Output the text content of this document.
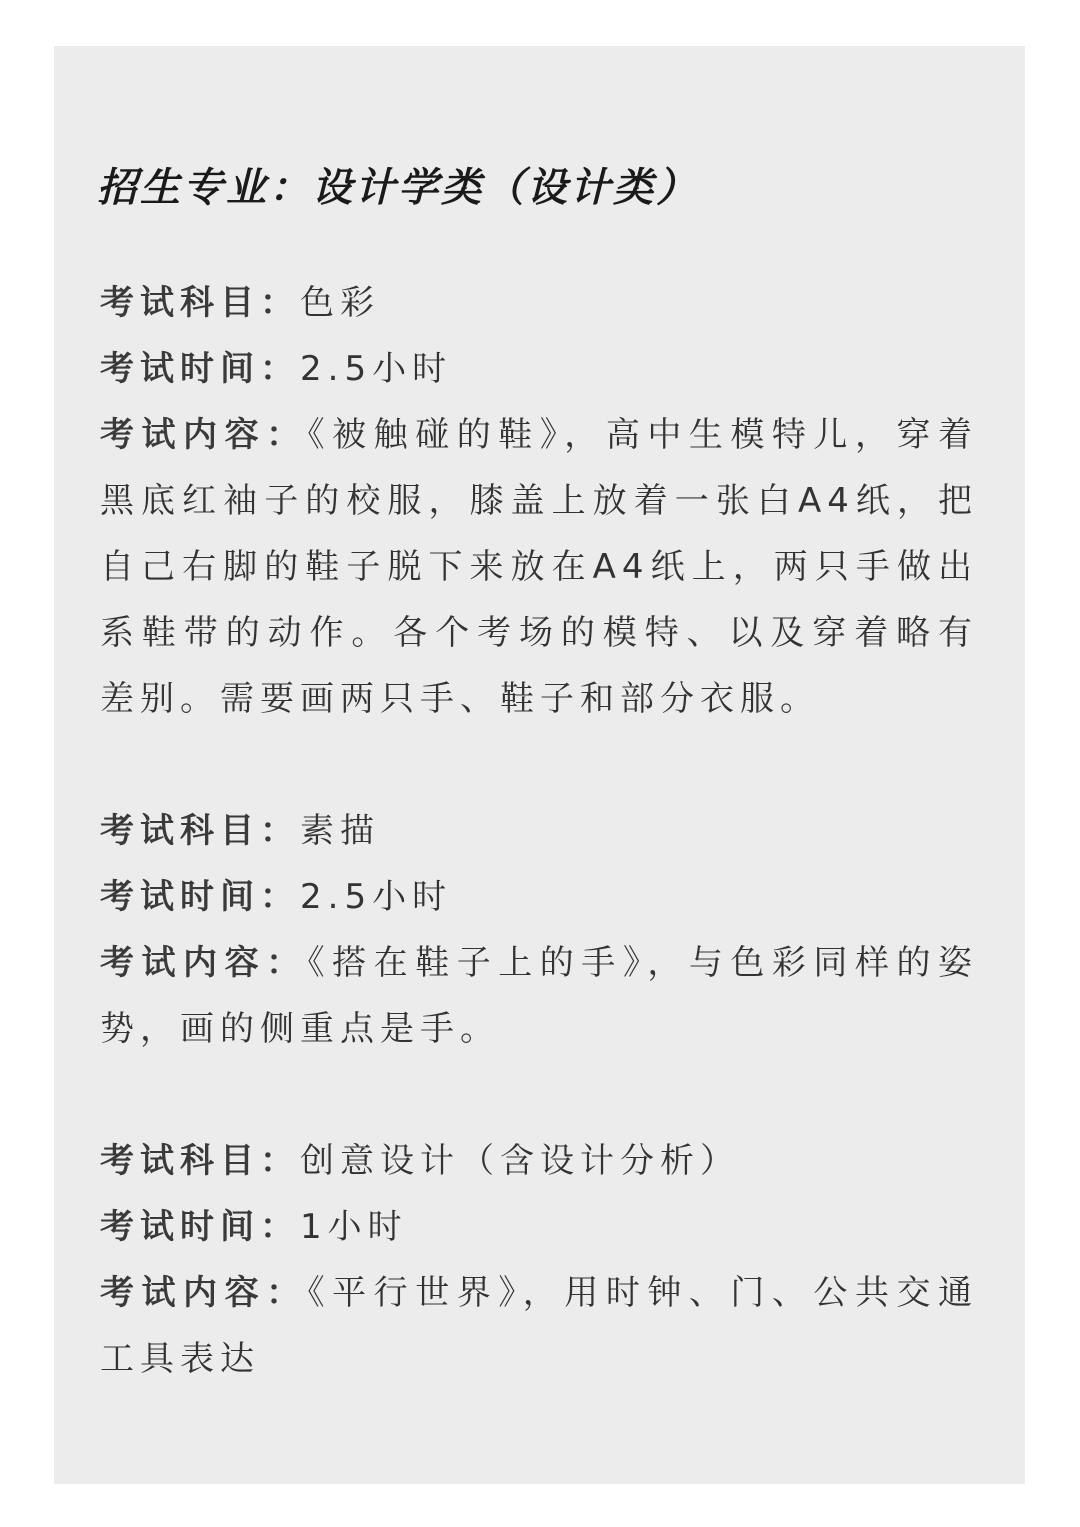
招生专业：设计学类（设计类）
考试科目：色彩
考试时间：2.5小时
考试内容：《被触碰的鞋》，高中生模特儿，穿着黑底红袖子的校服，膝盖上放着一张白A4纸，把自己右脚的鞋子脱下来放在A4纸上，两只手做出系鞋带的动作。各个考场的模特、以及穿着略有差别。需要画两只手、鞋子和部分衣服。
考试科目：素描
考试时间：2.5小时
考试内容：《搭在鞋子上的手》，与色彩同样的姿势，画的侧重点是手。
考试科目：创意设计（含设计分析）
考试时间：1小时
考试内容：《平行世界》，用时钟、门、公共交通工具表达
